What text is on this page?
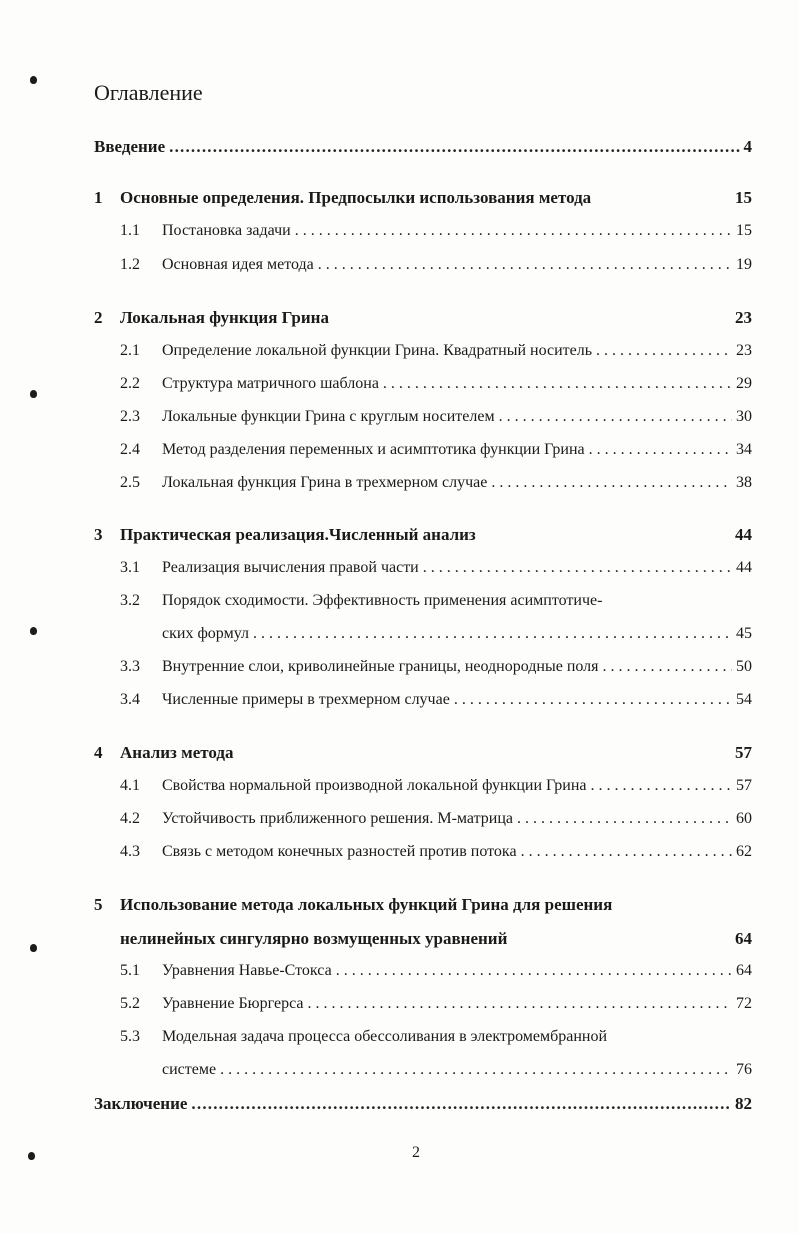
Оглавление
Введение .....	4
1	Основные определения. Предпосылки использования метода	15
1.1	Постановка задачи . . .	15
1.2	Основная идея метода . . .	19
2	Локальная функция Грина	23
2.1	Определение локальной функции Грина. Квадратный носитель . . .	23
2.2	Структура матричного шаблона . . .	29
2.3	Локальные функции Грина с круглым носителем . . .	30
2.4	Метод разделения переменных и асимптотика функции Грина . . .	34
2.5	Локальная функция Грина в трехмерном случае . . .	38
3	Практическая реализация.Численный анализ	44
3.1	Реализация вычисления правой части . . .	44
3.2	Порядок сходимости. Эффективность применения асимптотиче-
ских формул . . .	45
3.3	Внутренние слои, криволинейные границы, неоднородные поля . . .	50
3.4	Численные примеры в трехмерном случае . . .	54
4	Анализ метода	57
4.1	Свойства нормальной производной локальной функции Грина . . .	57
4.2	Устойчивость приближенного решения. М-матрица . . .	60
4.3	Связь с методом конечных разностей против потока . . .	62
5	Использование метода локальных функций Грина для решения
нелинейных сингулярно возмущенных уравнений	64
5.1	Уравнения Навье-Стокса . . .	64
5.2	Уравнение Бюргерса . . .	72
5.3	Модельная задача процесса обессоливания в электромембранной
системе . . .	76
Заключение .....	82
2
